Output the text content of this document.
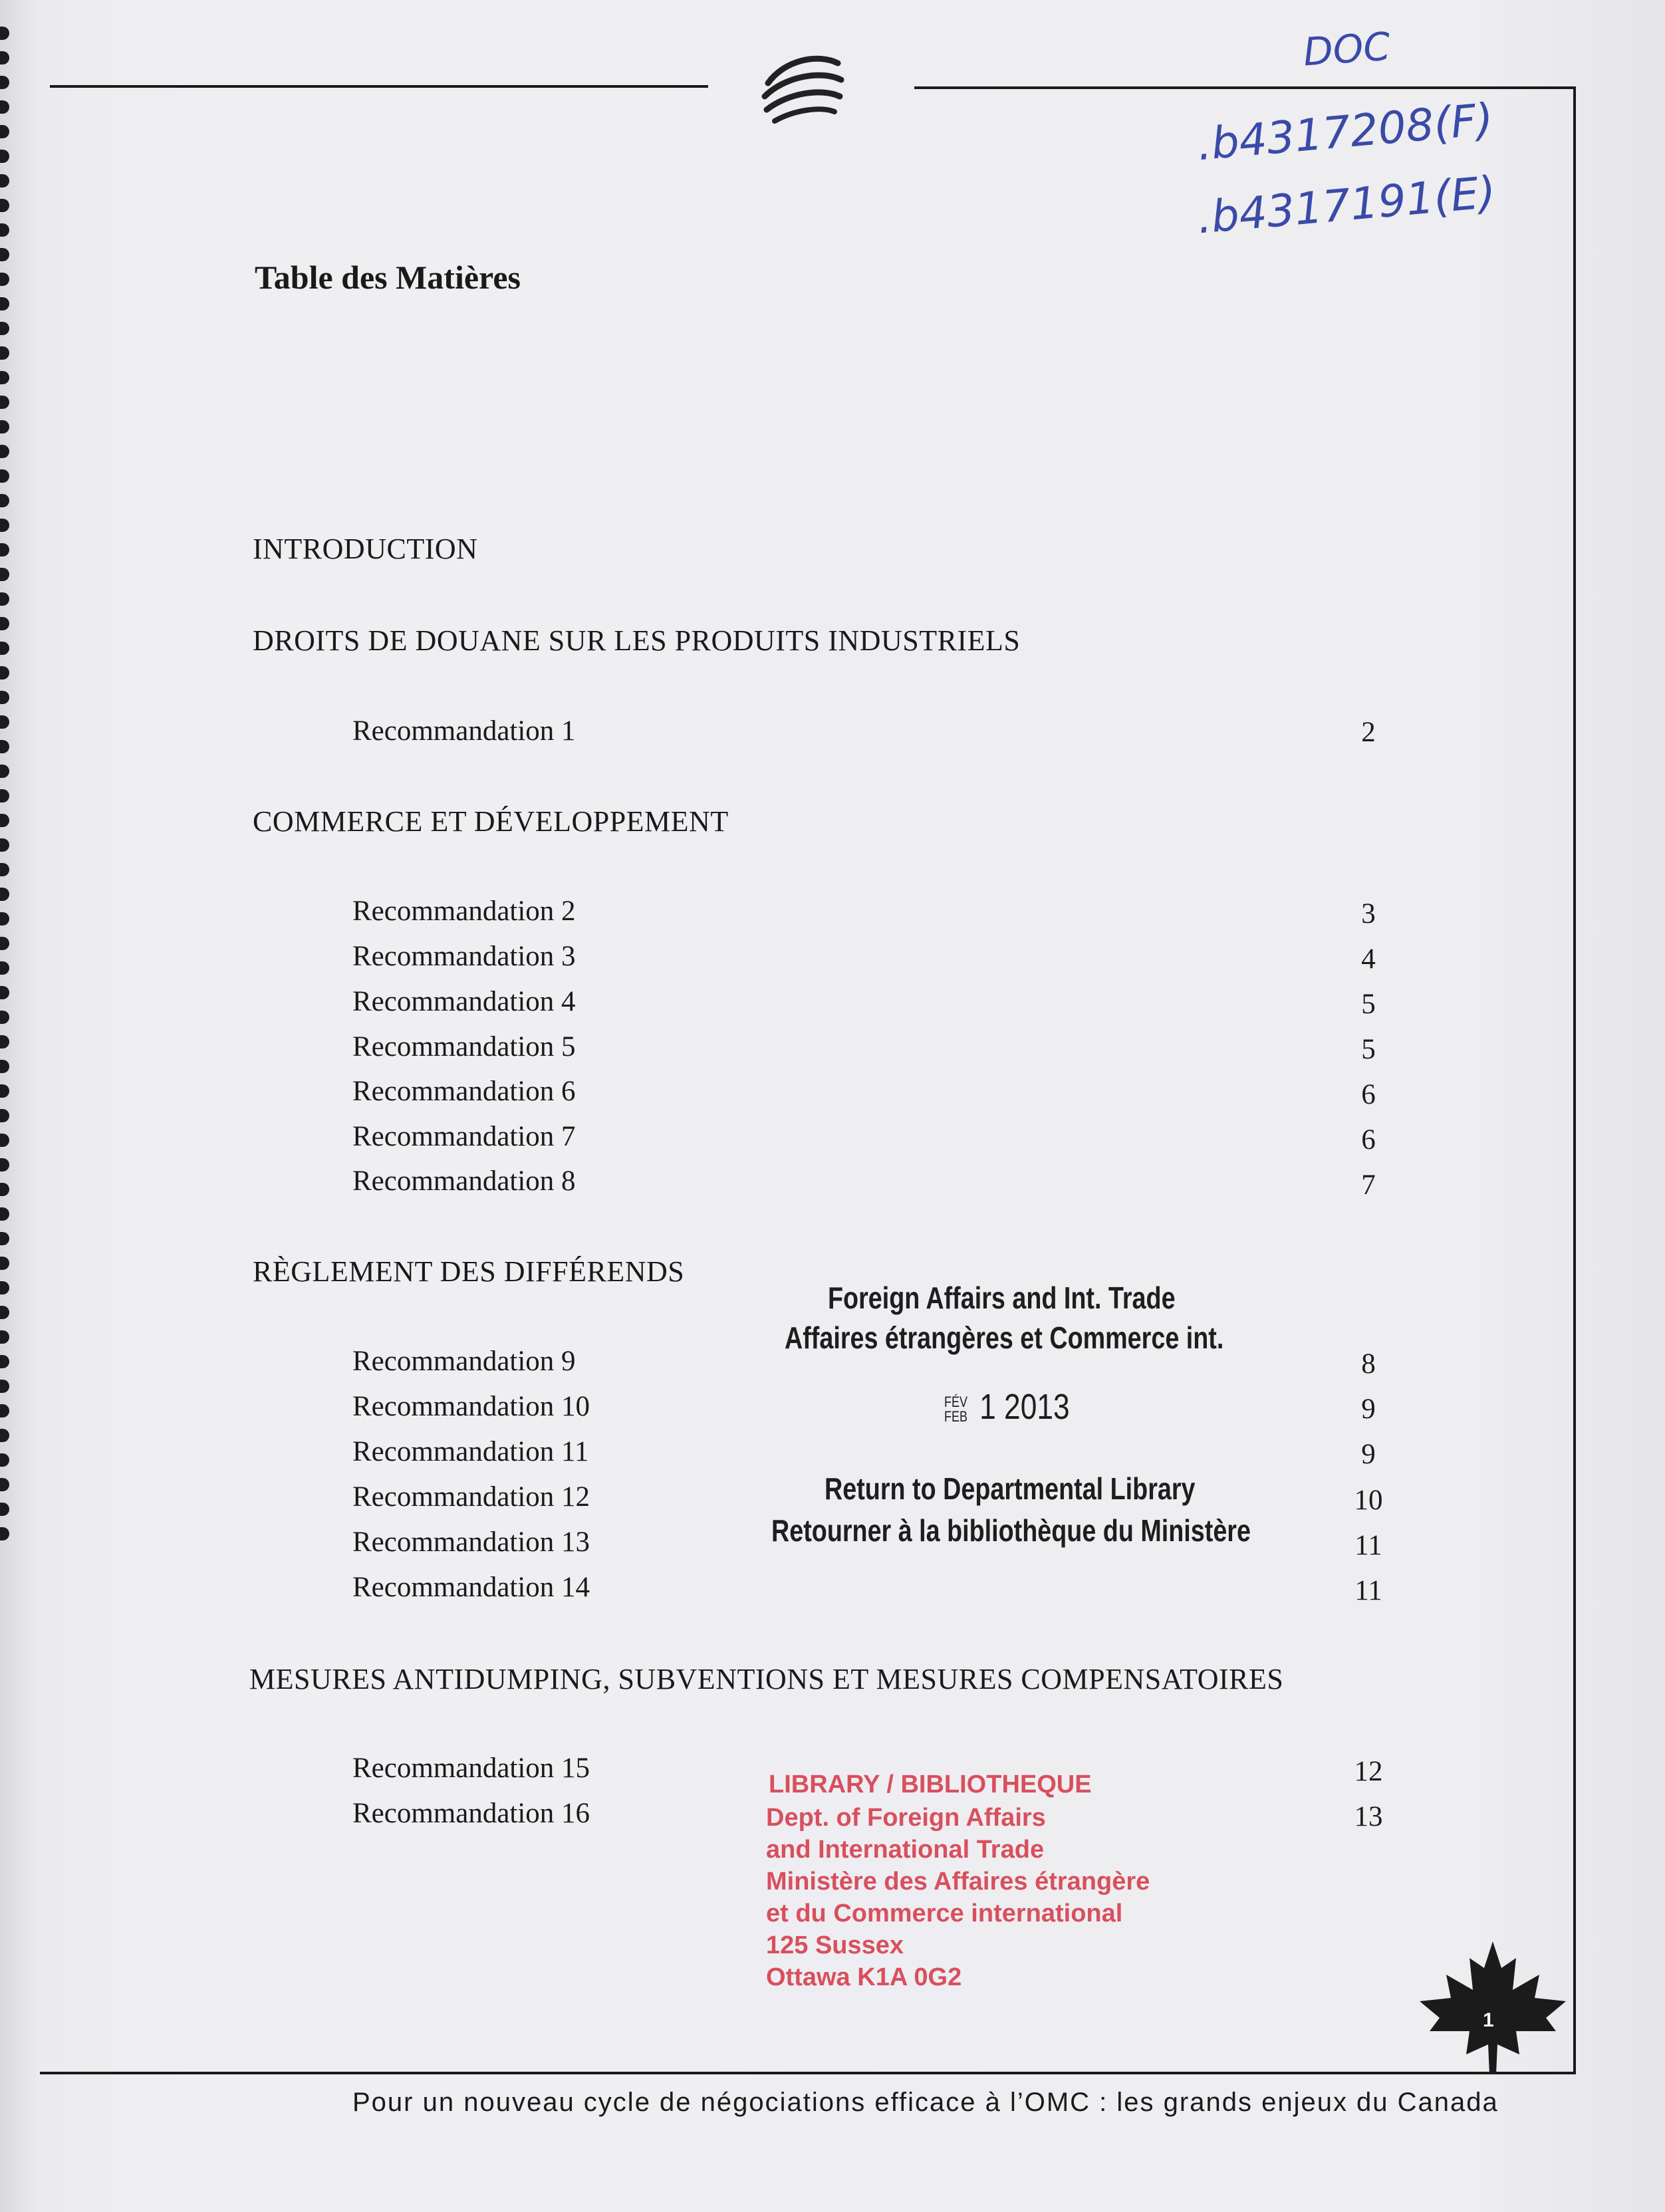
DOC
.b4317208(F)
.b4317191(E)
Table des Matières
INTRODUCTION
DROITS DE DOUANE SUR LES PRODUITS INDUSTRIELS
Recommandation 1	2
COMMERCE ET DÉVELOPPEMENT
Recommandation 2	3
Recommandation 3	4
Recommandation 4	5
Recommandation 5	5
Recommandation 6	6
Recommandation 7	6
Recommandation 8	7
RÈGLEMENT DES DIFFÉRENDS
Recommandation 9	8
Recommandation 10	9
Recommandation 11	9
Recommandation 12	10
Recommandation 13	11
Recommandation 14	11
MESURES ANTIDUMPING, SUBVENTIONS ET MESURES COMPENSATOIRES
Recommandation 15	12
Recommandation 16	13
Foreign Affairs and Int. Trade
Affaires étrangères et Commerce int.
FÉV
FEB 1 2013
Return to Departmental Library
Retourner à la bibliothèque du Ministère
LIBRARY / BIBLIOTHEQUE
Dept. of Foreign Affairs
and International Trade
Ministère des Affaires étrangère
et du Commerce international
125 Sussex
Ottawa K1A 0G2
1
Pour un nouveau cycle de négociations efficace à l’OMC : les grands enjeux du Canada
